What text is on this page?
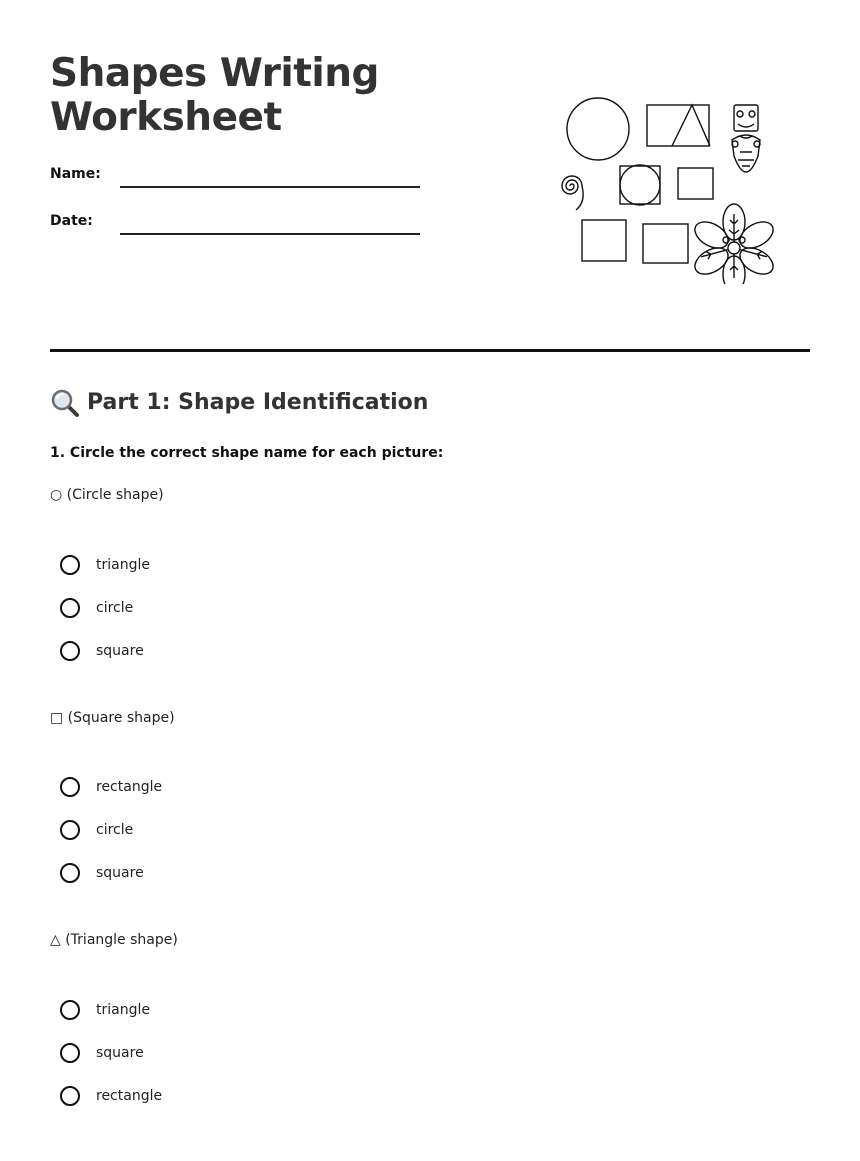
Shapes Writing
Worksheet
Name:
Date:
Part 1: Shape Identification
1. Circle the correct shape name for each picture:
○ (Circle shape)
triangle
circle
square
□ (Square shape)
rectangle
circle
square
△ (Triangle shape)
triangle
square
rectangle
